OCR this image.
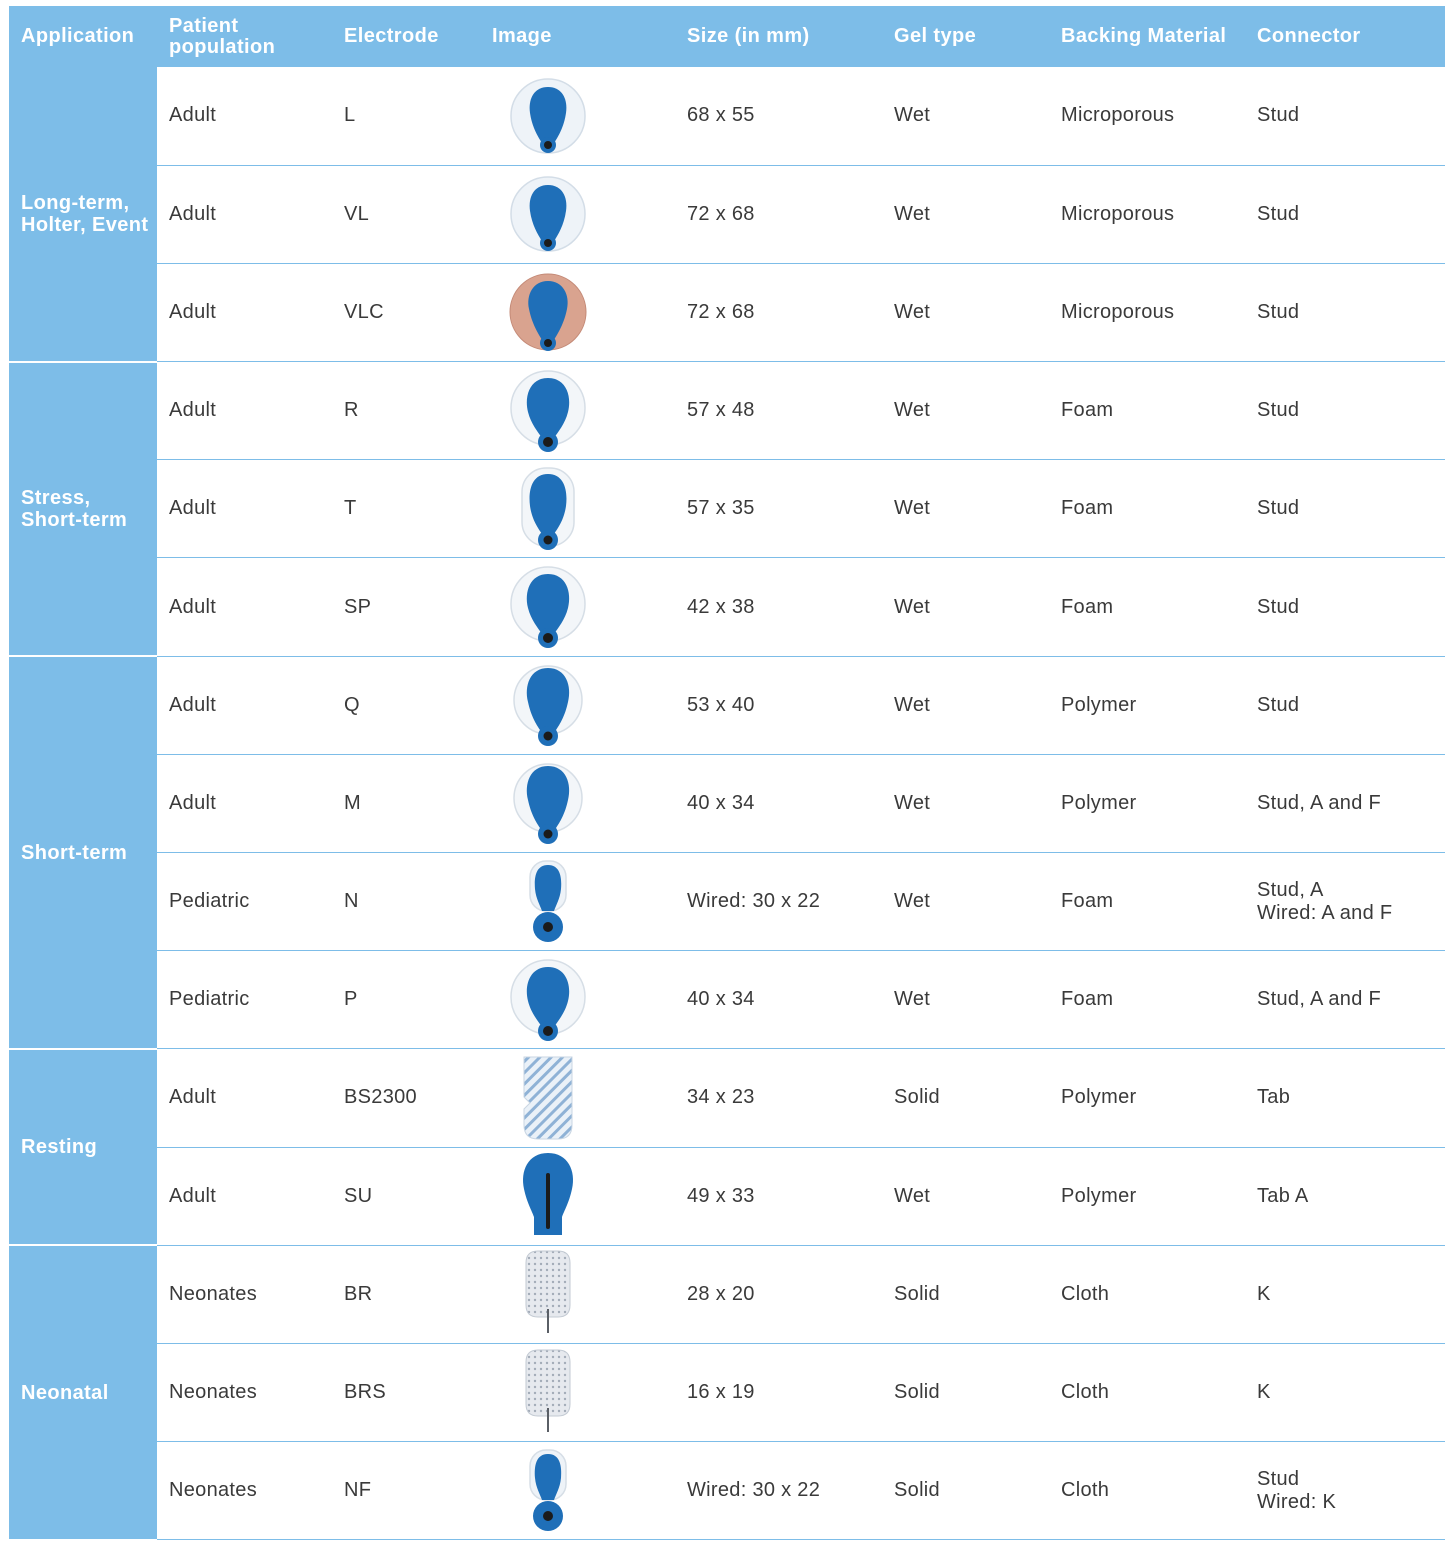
Application	Patient population	Electrode	Image	Size (in mm)	Gel type	Backing Material	Connector
Long-term, Holter, Event	Adult	L		68 x 55	Wet	Microporous	Stud
	Adult	VL		72 x 68	Wet	Microporous	Stud
	Adult	VLC		72 x 68	Wet	Microporous	Stud
Stress, Short-term	Adult	R		57 x 48	Wet	Foam	Stud
	Adult	T		57 x 35	Wet	Foam	Stud
	Adult	SP		42 x 38	Wet	Foam	Stud
Short-term	Adult	Q		53 x 40	Wet	Polymer	Stud
	Adult	M		40 x 34	Wet	Polymer	Stud, A and F
	Pediatric	N		Wired: 30 x 22	Wet	Foam	Stud, A
Wired: A and F
	Pediatric	P		40 x 34	Wet	Foam	Stud, A and F
Resting	Adult	BS2300		34 x 23	Solid	Polymer	Tab
	Adult	SU		49 x 33	Wet	Polymer	Tab A
Neonatal	Neonates	BR		28 x 20	Solid	Cloth	K
	Neonates	BRS		16 x 19	Solid	Cloth	K
	Neonates	NF		Wired: 30 x 22	Solid	Cloth	Stud
Wired: K
